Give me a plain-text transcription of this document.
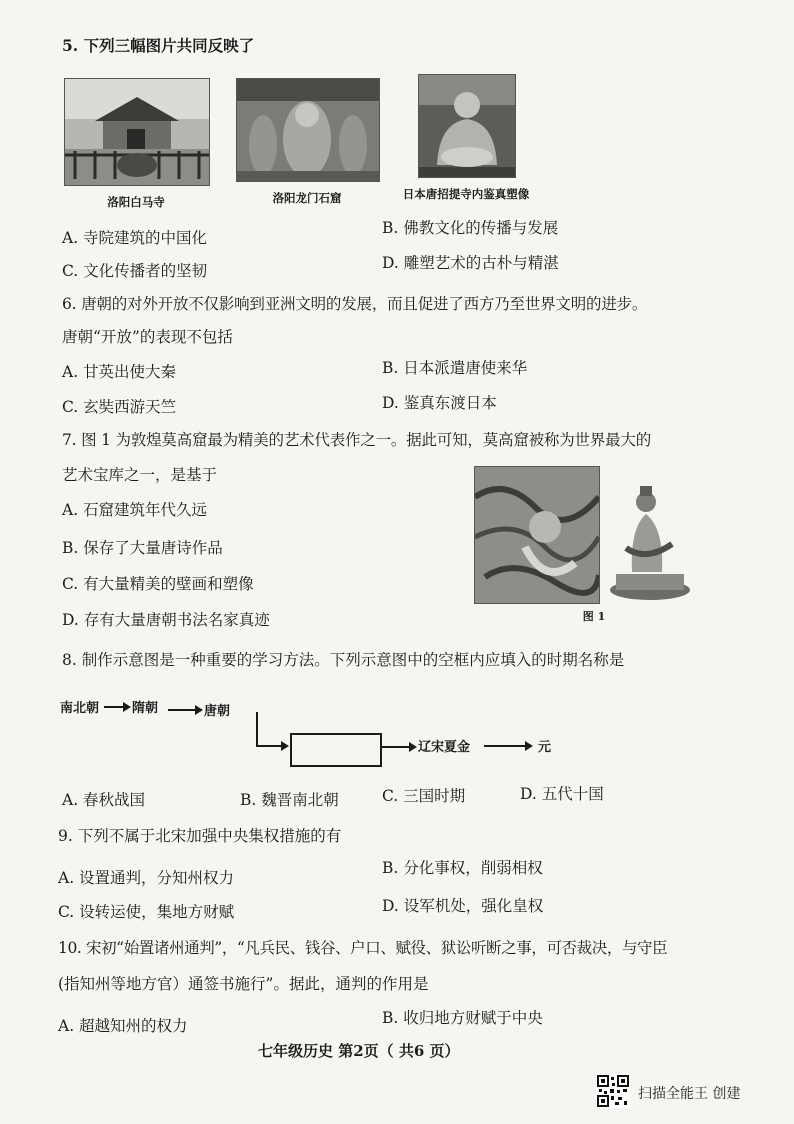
5. 下列三幅图片共同反映了
洛阳白马寺	洛阳龙门石窟	日本唐招提寺内鉴真塑像
A. 寺院建筑的中国化
B. 佛教文化的传播与发展
C. 文化传播者的坚韧	D. 雕塑艺术的古朴与精湛
6. 唐朝的对外开放不仅影响到亚洲文明的发展，而且促进了西方乃至世界文明的进步。
唐朝“开放”的表现不包括
A. 甘英出使大秦	B. 日本派遣唐使来华
C. 玄奘西游天竺	D. 鉴真东渡日本
7. 图 1 为敦煌莫高窟最为精美的艺术代表作之一。据此可知，莫高窟被称为世界最大的
艺术宝库之一，是基于
A. 石窟建筑年代久远
B. 保存了大量唐诗作品
C. 有大量精美的壁画和塑像
D. 存有大量唐朝书法名家真迹	图 1
8. 制作示意图是一种重要的学习方法。下列示意图中的空框内应填入的时期名称是
南北朝	隋朝	唐朝
辽宋夏金	元
A. 春秋战国	B. 魏晋南北朝	C. 三国时期	D. 五代十国
9. 下列不属于北宋加强中央集权措施的有
A. 设置通判，分知州权力
B. 分化事权，削弱相权
C. 设转运使，集地方财赋	D. 设军机处，强化皇权
10. 宋初“始置诸州通判”，“凡兵民、钱谷、户口、赋役、狱讼听断之事，可否裁决，与守臣
(指知州等地方官）通签书施行”。据此，通判的作用是
A. 超越知州的权力	B. 收归地方财赋于中央
七年级历史 第2页（ 共6 页）
扫描全能王 创建
